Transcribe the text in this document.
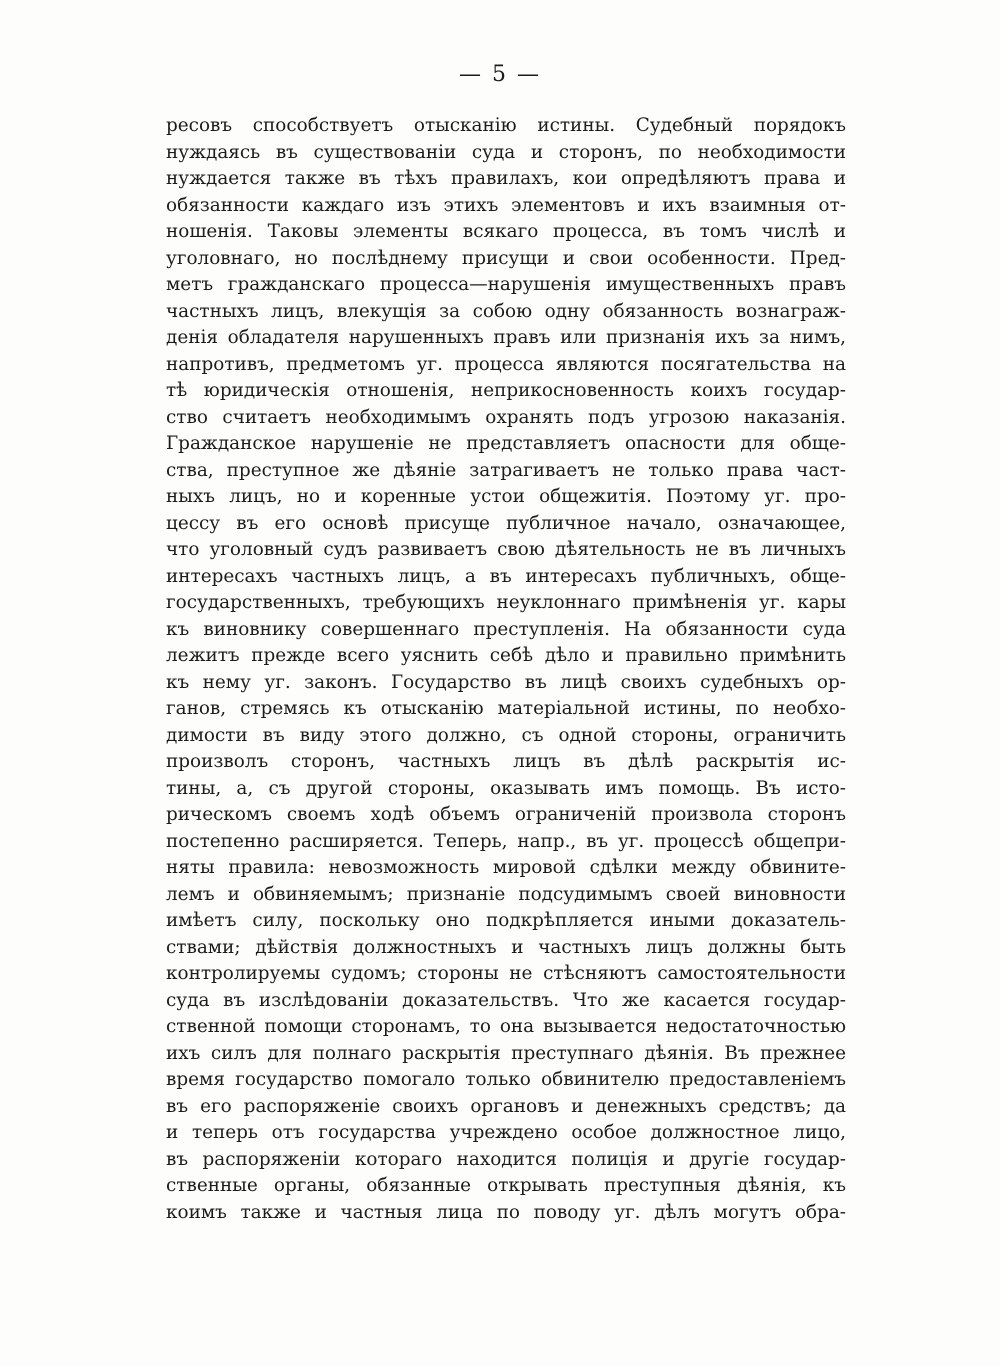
— 5 —
ресовъ способствуетъ отысканію истины. Судебный порядокъ
нуждаясь въ существованіи суда и сторонъ, по необходимости
нуждается также въ тѣхъ правилахъ, кои опредѣляютъ права и
обязанности каждаго изъ этихъ элементовъ и ихъ взаимныя от-
ношенія. Таковы элементы всякаго процесса, въ томъ числѣ и
уголовнаго, но послѣднему присущи и свои особенности. Пред-
метъ гражданскаго процесса—нарушенія имущественныхъ правъ
частныхъ лицъ, влекущія за собою одну обязанность вознаграж-
денія обладателя нарушенныхъ правъ или признанія ихъ за нимъ,
напротивъ, предметомъ уг. процесса являются посягательства на
тѣ юридическія отношенія, неприкосновенность коихъ государ-
ство считаетъ необходимымъ охранять подъ угрозою наказанія.
Гражданское нарушеніе не представляетъ опасности для обще-
ства, преступное же дѣяніе затрагиваетъ не только права част-
ныхъ лицъ, но и коренные устои общежитія. Поэтому уг. про-
цессу въ его основѣ присуще публичное начало, означающее,
что уголовный судъ развиваетъ свою дѣятельность не въ личныхъ
интересахъ частныхъ лицъ, а въ интересахъ публичныхъ, обще-
государственныхъ, требующихъ неуклоннаго примѣненія уг. кары
къ виновнику совершеннаго преступленія. На обязанности суда
лежитъ прежде всего уяснить себѣ дѣло и правильно примѣнить
къ нему уг. законъ. Государство въ лицѣ своихъ судебныхъ ор-
ганов, стремясь къ отысканію матеріальной истины, по необхо-
димости въ виду этого должно, съ одной стороны, ограничить
произволъ сторонъ, частныхъ лицъ въ дѣлѣ раскрытія ис-
тины, а, съ другой стороны, оказывать имъ помощь. Въ исто-
рическомъ своемъ ходѣ объемъ ограниченій произвола сторонъ
постепенно расширяется. Теперь, напр., въ уг. процессѣ общепри-
няты правила: невозможность мировой сдѣлки между обвините-
лемъ и обвиняемымъ; признаніе подсудимымъ своей виновности
имѣетъ силу, поскольку оно подкрѣпляется иными доказатель-
ствами; дѣйствія должностныхъ и частныхъ лицъ должны быть
контролируемы судомъ; стороны не стѣсняютъ самостоятельности
суда въ изслѣдованіи доказательствъ. Что же касается государ-
ственной помощи сторонамъ, то она вызывается недостаточностью
ихъ силъ для полнаго раскрытія преступнаго дѣянія. Въ прежнее
время государство помогало только обвинителю предоставленіемъ
въ его распоряженіе своихъ органовъ и денежныхъ средствъ; да
и теперь отъ государства учреждено особое должностное лицо,
въ распоряженіи котораго находится полиція и другіе государ-
ственные органы, обязанные открывать преступныя дѣянія, къ
коимъ также и частныя лица по поводу уг. дѣлъ могутъ обра-
